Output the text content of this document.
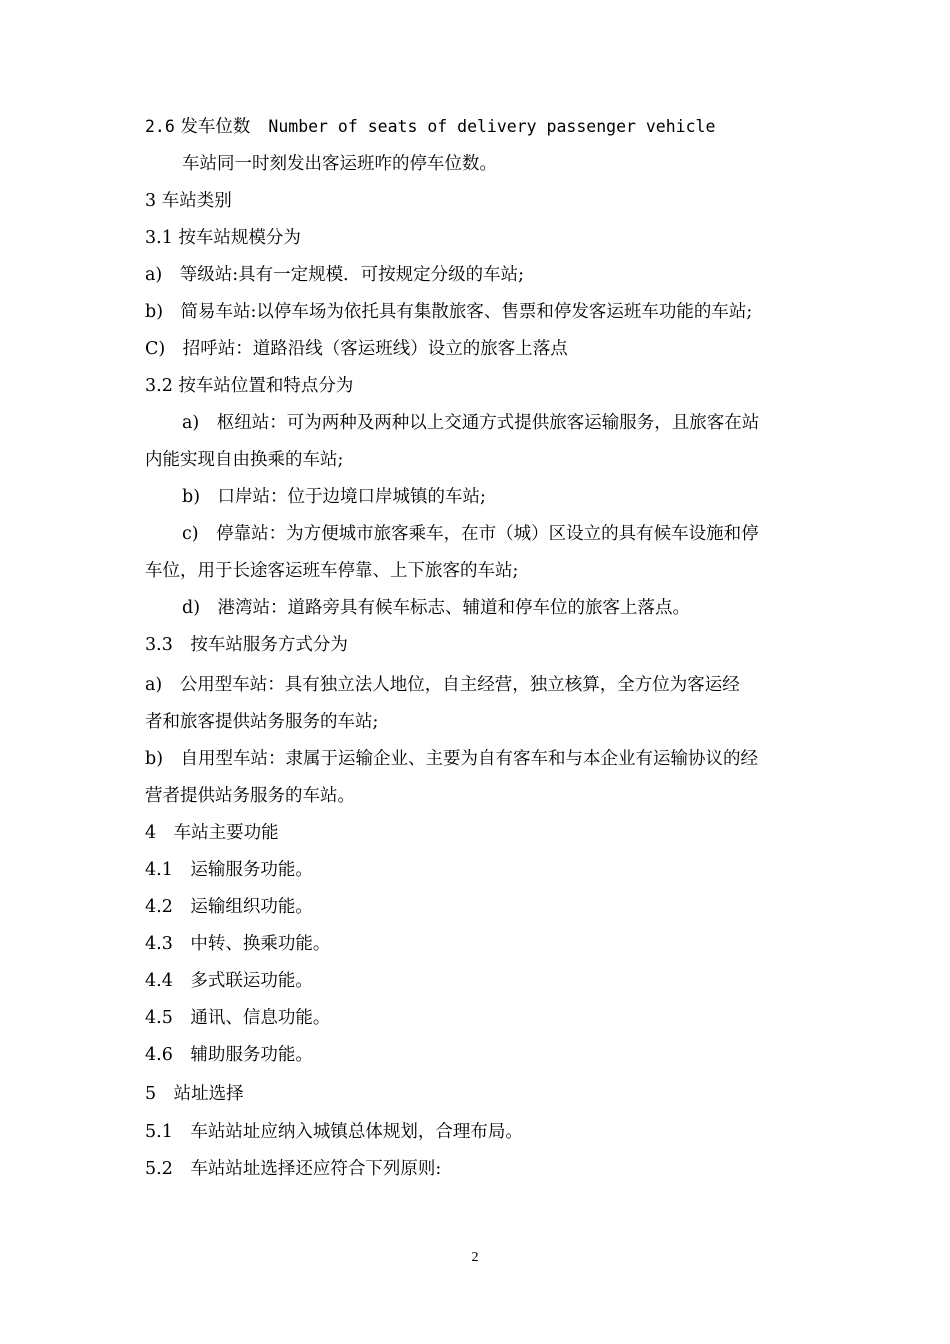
2.6 发车位数 Number of seats of delivery passenger vehicle
车站同一时刻发出客运班咋的停车位数。
3 车站类别
3.1 按车站规模分为
a)　等级站:具有一定规模．可按规定分级的车站;
b)　简易车站:以停车场为依托具有集散旅客、售票和停发客运班车功能的车站;
C)　招呼站：道路沿线（客运班线）设立的旅客上落点
3.2 按车站位置和特点分为
a)　枢纽站：可为两种及两种以上交通方式提供旅客运输服务，且旅客在站
内能实现自由换乘的车站;
b)　口岸站：位于边境口岸城镇的车站;
c)　停靠站：为方便城市旅客乘车，在市（城）区设立的具有候车设施和停
车位，用于长途客运班车停靠、上下旅客的车站;
d)　港湾站：道路旁具有候车标志、辅道和停车位的旅客上落点。
3.3　按车站服务方式分为
a)　公用型车站：具有独立法人地位，自主经营，独立核算，全方位为客运经
者和旅客提供站务服务的车站;
b)　自用型车站：隶属于运输企业、主要为自有客车和与本企业有运输协议的经
营者提供站务服务的车站。
4　车站主要功能
4.1　运输服务功能。
4.2　运输组织功能。
4.3　中转、换乘功能。
4.4　多式联运功能。
4.5　通讯、信息功能。
4.6　辅助服务功能。
5　站址选择
5.1　车站站址应纳入城镇总体规划，合理布局。
5.2　车站站址选择还应符合下列原则:
2
